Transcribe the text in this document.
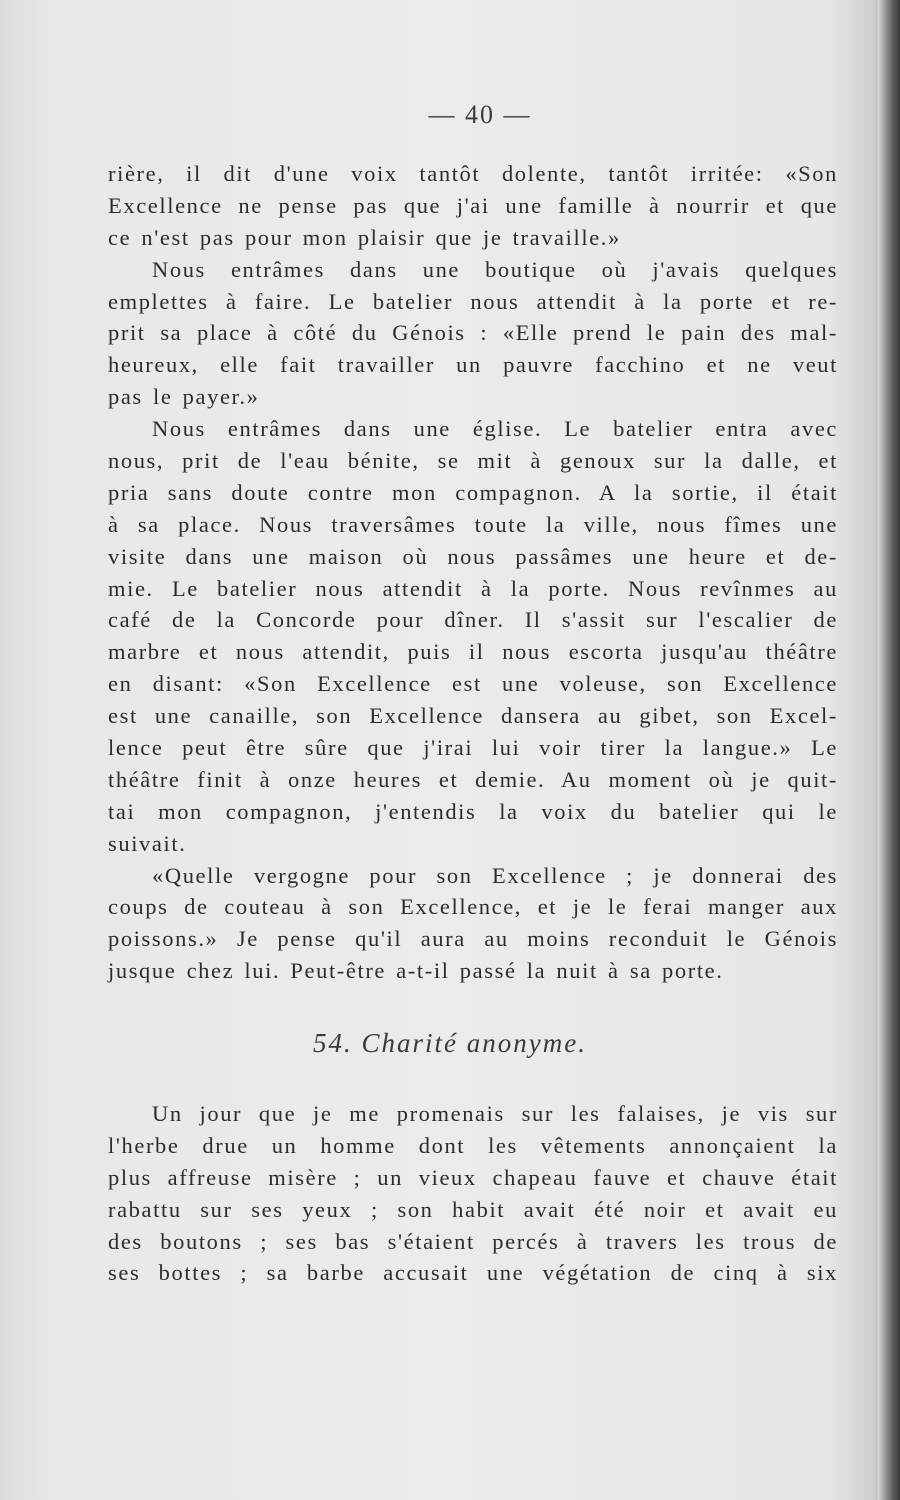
— 40 —
rière, il dit d'une voix tantôt dolente, tantôt irritée: «Son
Excellence ne pense pas que j'ai une famille à nourrir et que
ce n'est pas pour mon plaisir que je travaille.»
Nous entrâmes dans une boutique où j'avais quelques
emplettes à faire. Le batelier nous attendit à la porte et re-
prit sa place à côté du Génois : «Elle prend le pain des mal-
heureux, elle fait travailler un pauvre facchino et ne veut
pas le payer.»
Nous entrâmes dans une église. Le batelier entra avec
nous, prit de l'eau bénite, se mit à genoux sur la dalle, et
pria sans doute contre mon compagnon. A la sortie, il était
à sa place. Nous traversâmes toute la ville, nous fîmes une
visite dans une maison où nous passâmes une heure et de-
mie. Le batelier nous attendit à la porte. Nous revînmes au
café de la Concorde pour dîner. Il s'assit sur l'escalier de
marbre et nous attendit, puis il nous escorta jusqu'au théâtre
en disant: «Son Excellence est une voleuse, son Excellence
est une canaille, son Excellence dansera au gibet, son Excel-
lence peut être sûre que j'irai lui voir tirer la langue.» Le
théâtre finit à onze heures et demie. Au moment où je quit-
tai mon compagnon, j'entendis la voix du batelier qui le
suivait.
«Quelle vergogne pour son Excellence ; je donnerai des
coups de couteau à son Excellence, et je le ferai manger aux
poissons.» Je pense qu'il aura au moins reconduit le Génois
jusque chez lui. Peut-être a-t-il passé la nuit à sa porte.
54. Charité anonyme.
Un jour que je me promenais sur les falaises, je vis sur
l'herbe drue un homme dont les vêtements annonçaient la
plus affreuse misère ; un vieux chapeau fauve et chauve était
rabattu sur ses yeux ; son habit avait été noir et avait eu
des boutons ; ses bas s'étaient percés à travers les trous de
ses bottes ; sa barbe accusait une végétation de cinq à six
